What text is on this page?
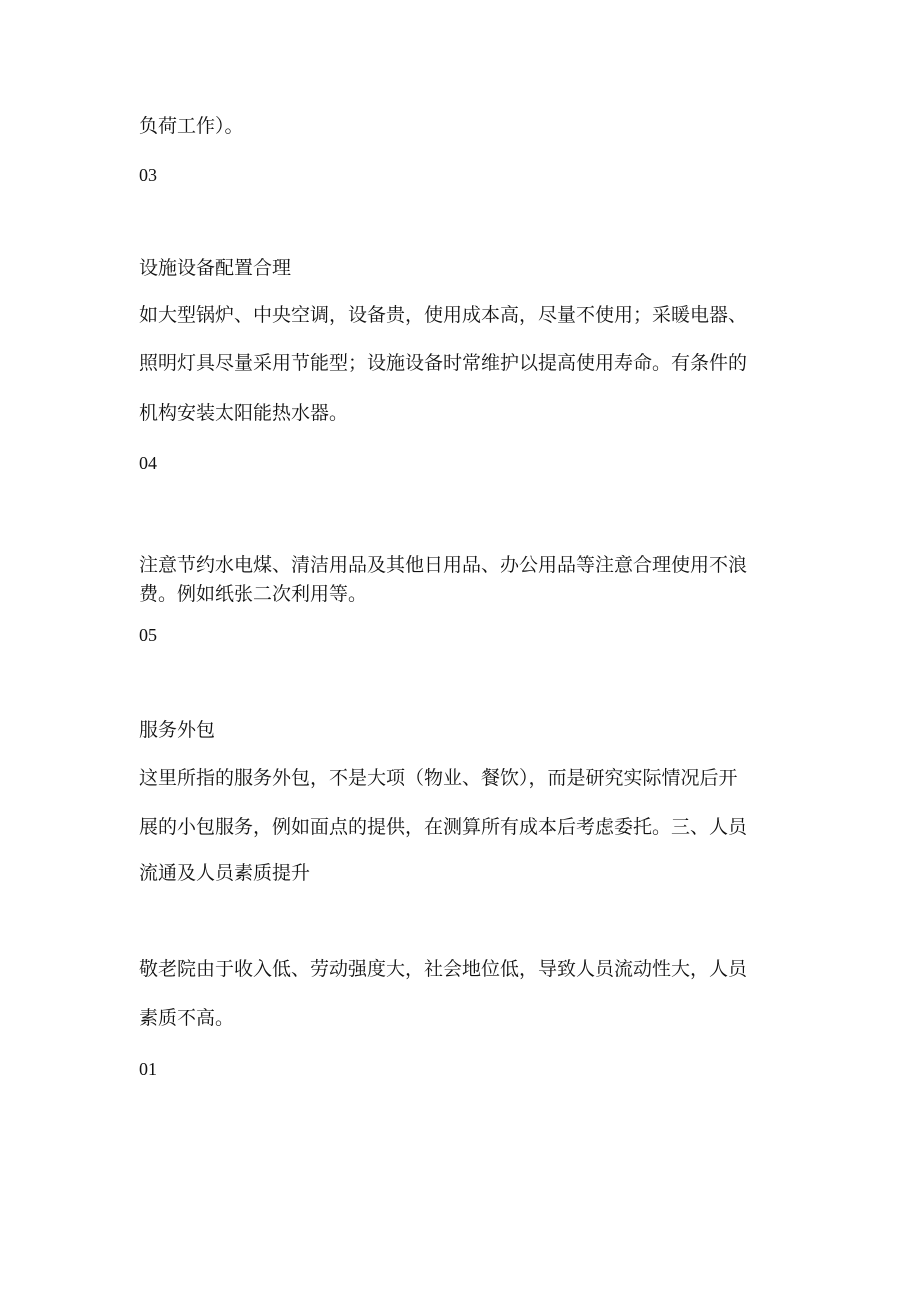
负荷工作）。

03

设施设备配置合理

如大型锅炉、中央空调，设备贵，使用成本高，尽量不使用；采暖电器、

照明灯具尽量采用节能型；设施设备时常维护以提高使用寿命。有条件的

机构安装太阳能热水器。

04

注意节约水电煤、清洁用品及其他日用品、办公用品等注意合理使用不浪

费。例如纸张二次利用等。

05

服务外包

这里所指的服务外包，不是大项（物业、餐饮），而是研究实际情况后开

展的小包服务，例如面点的提供，在测算所有成本后考虑委托。三、人员

流通及人员素质提升

敬老院由于收入低、劳动强度大，社会地位低，导致人员流动性大，人员

素质不高。

01
